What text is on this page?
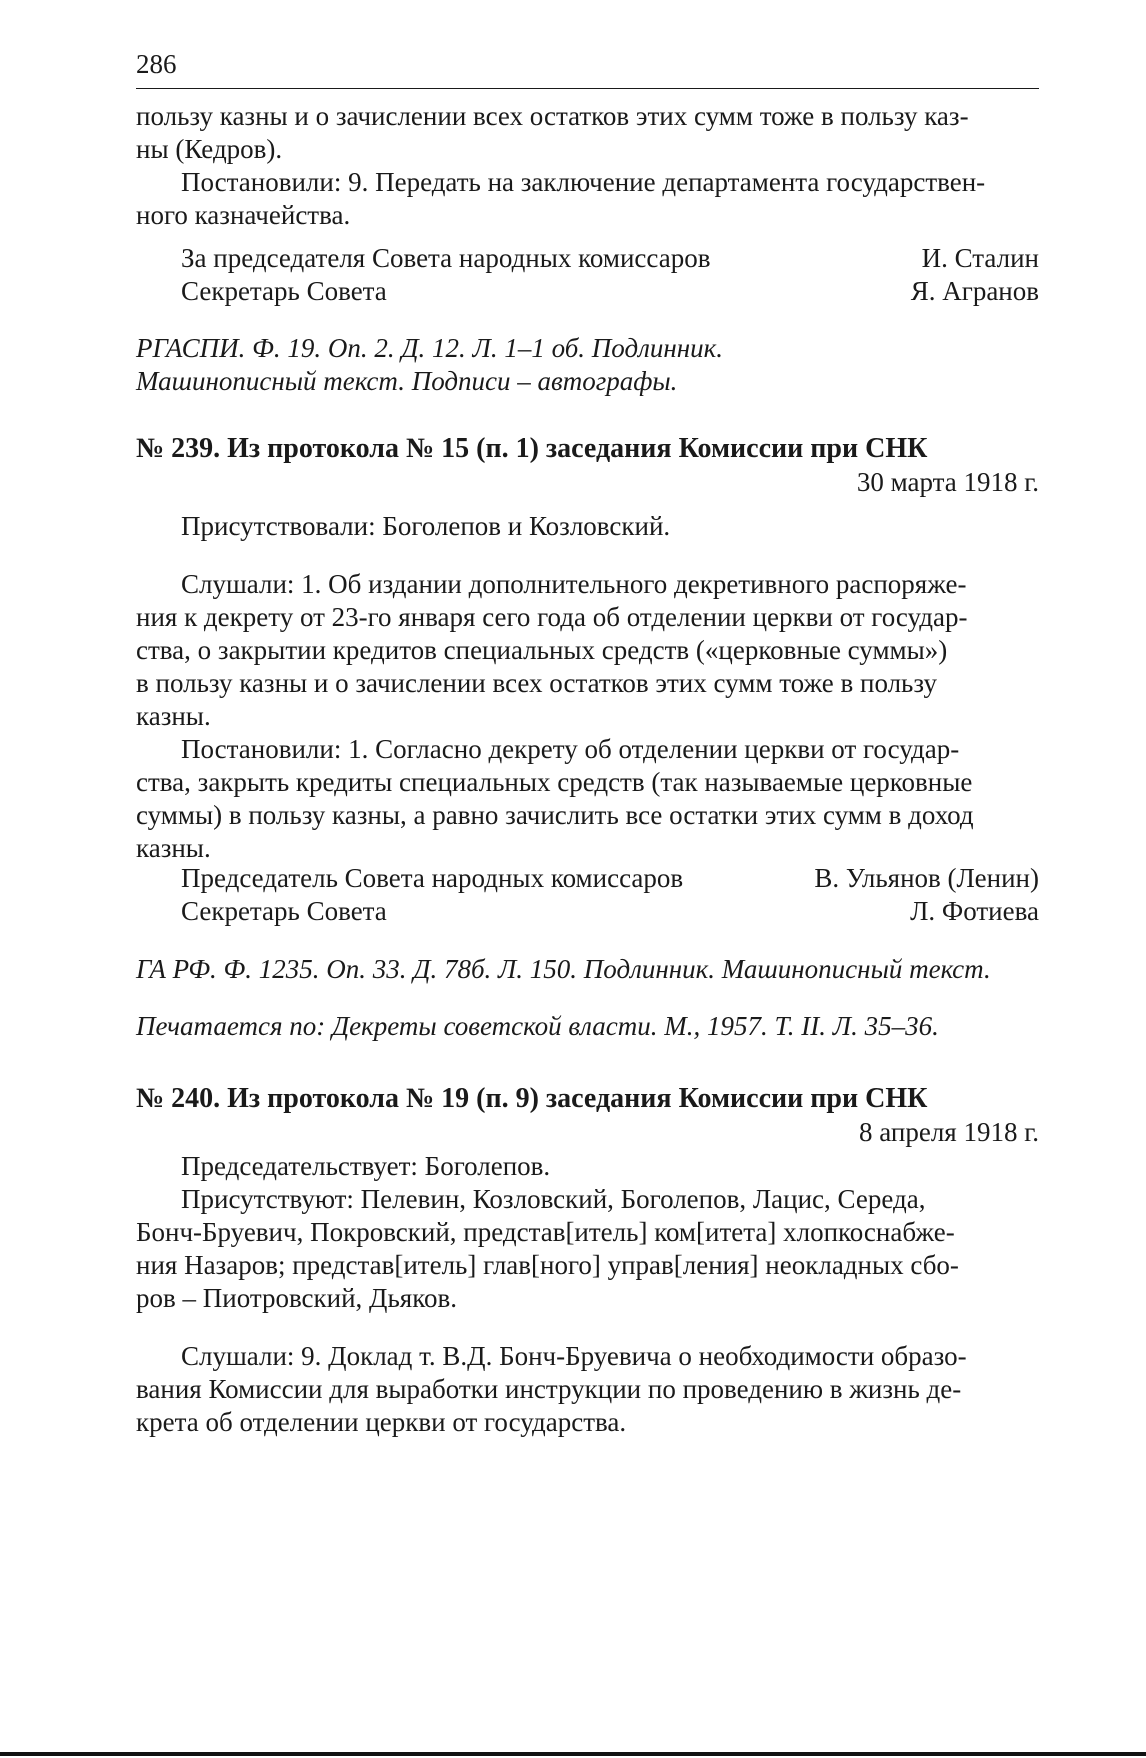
286

пользу казны и о зачислении всех остатков этих сумм тоже в пользу каз-

ны (Кедров).

Постановили: 9. Передать на заключение департамента государствен-

ного казначейства.

За председателя Совета народных комиссаров	И. Сталин
Секретарь Совета	Я. Агранов

РГАСПИ. Ф. 19. Оп. 2. Д. 12. Л. 1–1 об. Подлинник.

Машинописный текст. Подписи – автографы.

№ 239. Из протокола № 15 (п. 1) заседания Комиссии при СНК

30 марта 1918 г.

Присутствовали: Боголепов и Козловский.

Слушали: 1. Об издании дополнительного декретивного распоряже-

ния к декрету от 23-го января сего года об отделении церкви от государ-

ства, о закрытии кредитов специальных средств («церковные суммы»)

в пользу казны и о зачислении всех остатков этих сумм тоже в пользу

казны.

Постановили: 1. Согласно декрету об отделении церкви от государ-

ства, закрыть кредиты специальных средств (так называемые церковные

суммы) в пользу казны, а равно зачислить все остатки этих сумм в доход

казны.

Председатель Совета народных комиссаров	В. Ульянов (Ленин)
Секретарь Совета	Л. Фотиева

ГА РФ. Ф. 1235. Оп. 33. Д. 78б. Л. 150. Подлинник. Машинописный текст.

Печатается по: Декреты советской власти. М., 1957. Т. II. Л. 35–36.

№ 240. Из протокола № 19 (п. 9) заседания Комиссии при СНК

8 апреля 1918 г.

Председательствует: Боголепов.

Присутствуют: Пелевин, Козловский, Боголепов, Лацис, Середа,

Бонч-Бруевич, Покровский, представ[итель] ком[итета] хлопкоснабже-

ния Назаров; представ[итель] глав[ного] управ[ления] неокладных сбо-

ров – Пиотровский, Дьяков.

Слушали: 9. Доклад т. В.Д. Бонч-Бруевича о необходимости образо-

вания Комиссии для выработки инструкции по проведению в жизнь де-

крета об отделении церкви от государства.
